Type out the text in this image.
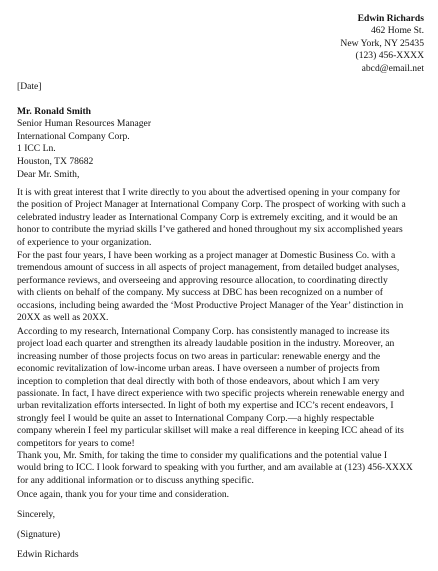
Edwin Richards
462 Home St.
New York, NY 25435
(123) 456-XXXX
abcd@email.net
[Date]
Mr. Ronald Smith
Senior Human Resources Manager
International Company Corp.
1 ICC Ln.
Houston, TX 78682
Dear Mr. Smith,
It is with great interest that I write directly to you about the advertised opening in your company for
the position of Project Manager at International Company Corp. The prospect of working with such a
celebrated industry leader as International Company Corp is extremely exciting, and it would be an
honor to contribute the myriad skills I’ve gathered and honed throughout my six accomplished years
of experience to your organization.
For the past four years, I have been working as a project manager at Domestic Business Co. with a
tremendous amount of success in all aspects of project management, from detailed budget analyses,
performance reviews, and overseeing and approving resource allocation, to coordinating directly
with clients on behalf of the company. My success at DBC has been recognized on a number of
occasions, including being awarded the ‘Most Productive Project Manager of the Year’ distinction in
20XX as well as 20XX.
According to my research, International Company Corp. has consistently managed to increase its
project load each quarter and strengthen its already laudable position in the industry. Moreover, an
increasing number of those projects focus on two areas in particular: renewable energy and the
economic revitalization of low-income urban areas. I have overseen a number of projects from
inception to completion that deal directly with both of those endeavors, about which I am very
passionate. In fact, I have direct experience with two specific projects wherein renewable energy and
urban revitalization efforts intersected. In light of both my expertise and ICC’s recent endeavors, I
strongly feel I would be quite an asset to International Company Corp.—a highly respectable
company wherein I feel my particular skillset will make a real difference in keeping ICC ahead of its
competitors for years to come!
Thank you, Mr. Smith, for taking the time to consider my qualifications and the potential value I
would bring to ICC. I look forward to speaking with you further, and am available at (123) 456-XXXX
for any additional information or to discuss anything specific.
Once again, thank you for your time and consideration.
Sincerely,
(Signature)
Edwin Richards
